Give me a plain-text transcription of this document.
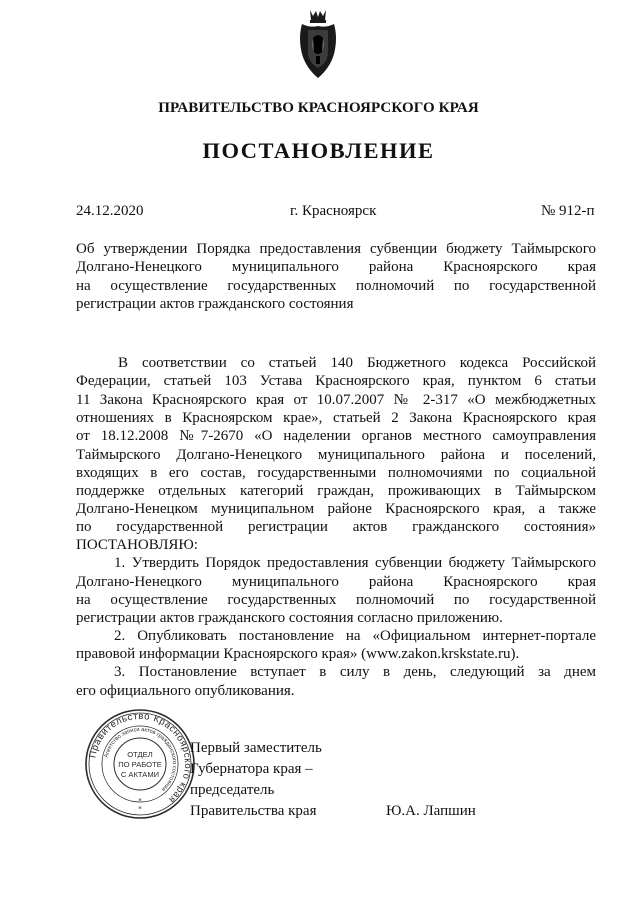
ПРАВИТЕЛЬСТВО КРАСНОЯРСКОГО КРАЯ
ПОСТАНОВЛЕНИЕ
24.12.2020	г. Красноярск	№ 912-п
Об утверждении Порядка предоставления субвенции бюджету Таймырского
Долгано-Ненецкого муниципального района Красноярского края
на осуществление государственных полномочий по государственной
регистрации актов гражданского состояния
В соответствии со статьей 140 Бюджетного кодекса Российской
Федерации, статьей 103 Устава Красноярского края, пунктом 6 статьи
11 Закона Красноярского края от 10.07.2007 № 2-317 «О межбюджетных
отношениях в Красноярском крае», статьей 2 Закона Красноярского края
от 18.12.2008 №7-2670 «О наделении органов местного самоуправления
Таймырского Долгано-Ненецкого муниципального района и поселений,
входящих в его состав, государственными полномочиями по социальной
поддержке отдельных категорий граждан, проживающих в Таймырском
Долгано-Ненецком муниципальном районе Красноярского края, а также
по государственной регистрации актов гражданского состояния»
ПОСТАНОВЛЯЮ:
1. Утвердить Порядок предоставления субвенции бюджету Таймырского
Долгано-Ненецкого муниципального района Красноярского края
на осуществление государственных полномочий по государственной
регистрации актов гражданского состояния согласно приложению.
2. Опубликовать постановление на «Официальном интернет-портале
правовой информации Красноярского края» (www.zakon.krskstate.ru).
3. Постановление вступает в силу в день, следующий за днем
его официального опубликования.
Правительство Красноярского края
Агентство записи актов гражданского состояния
ОТДЕЛ
ПО РАБОТЕ
С АКТАМИ
*
*
Первый заместитель
Губернатора края –
председатель
Правительства края	Ю.А. Лапшин
